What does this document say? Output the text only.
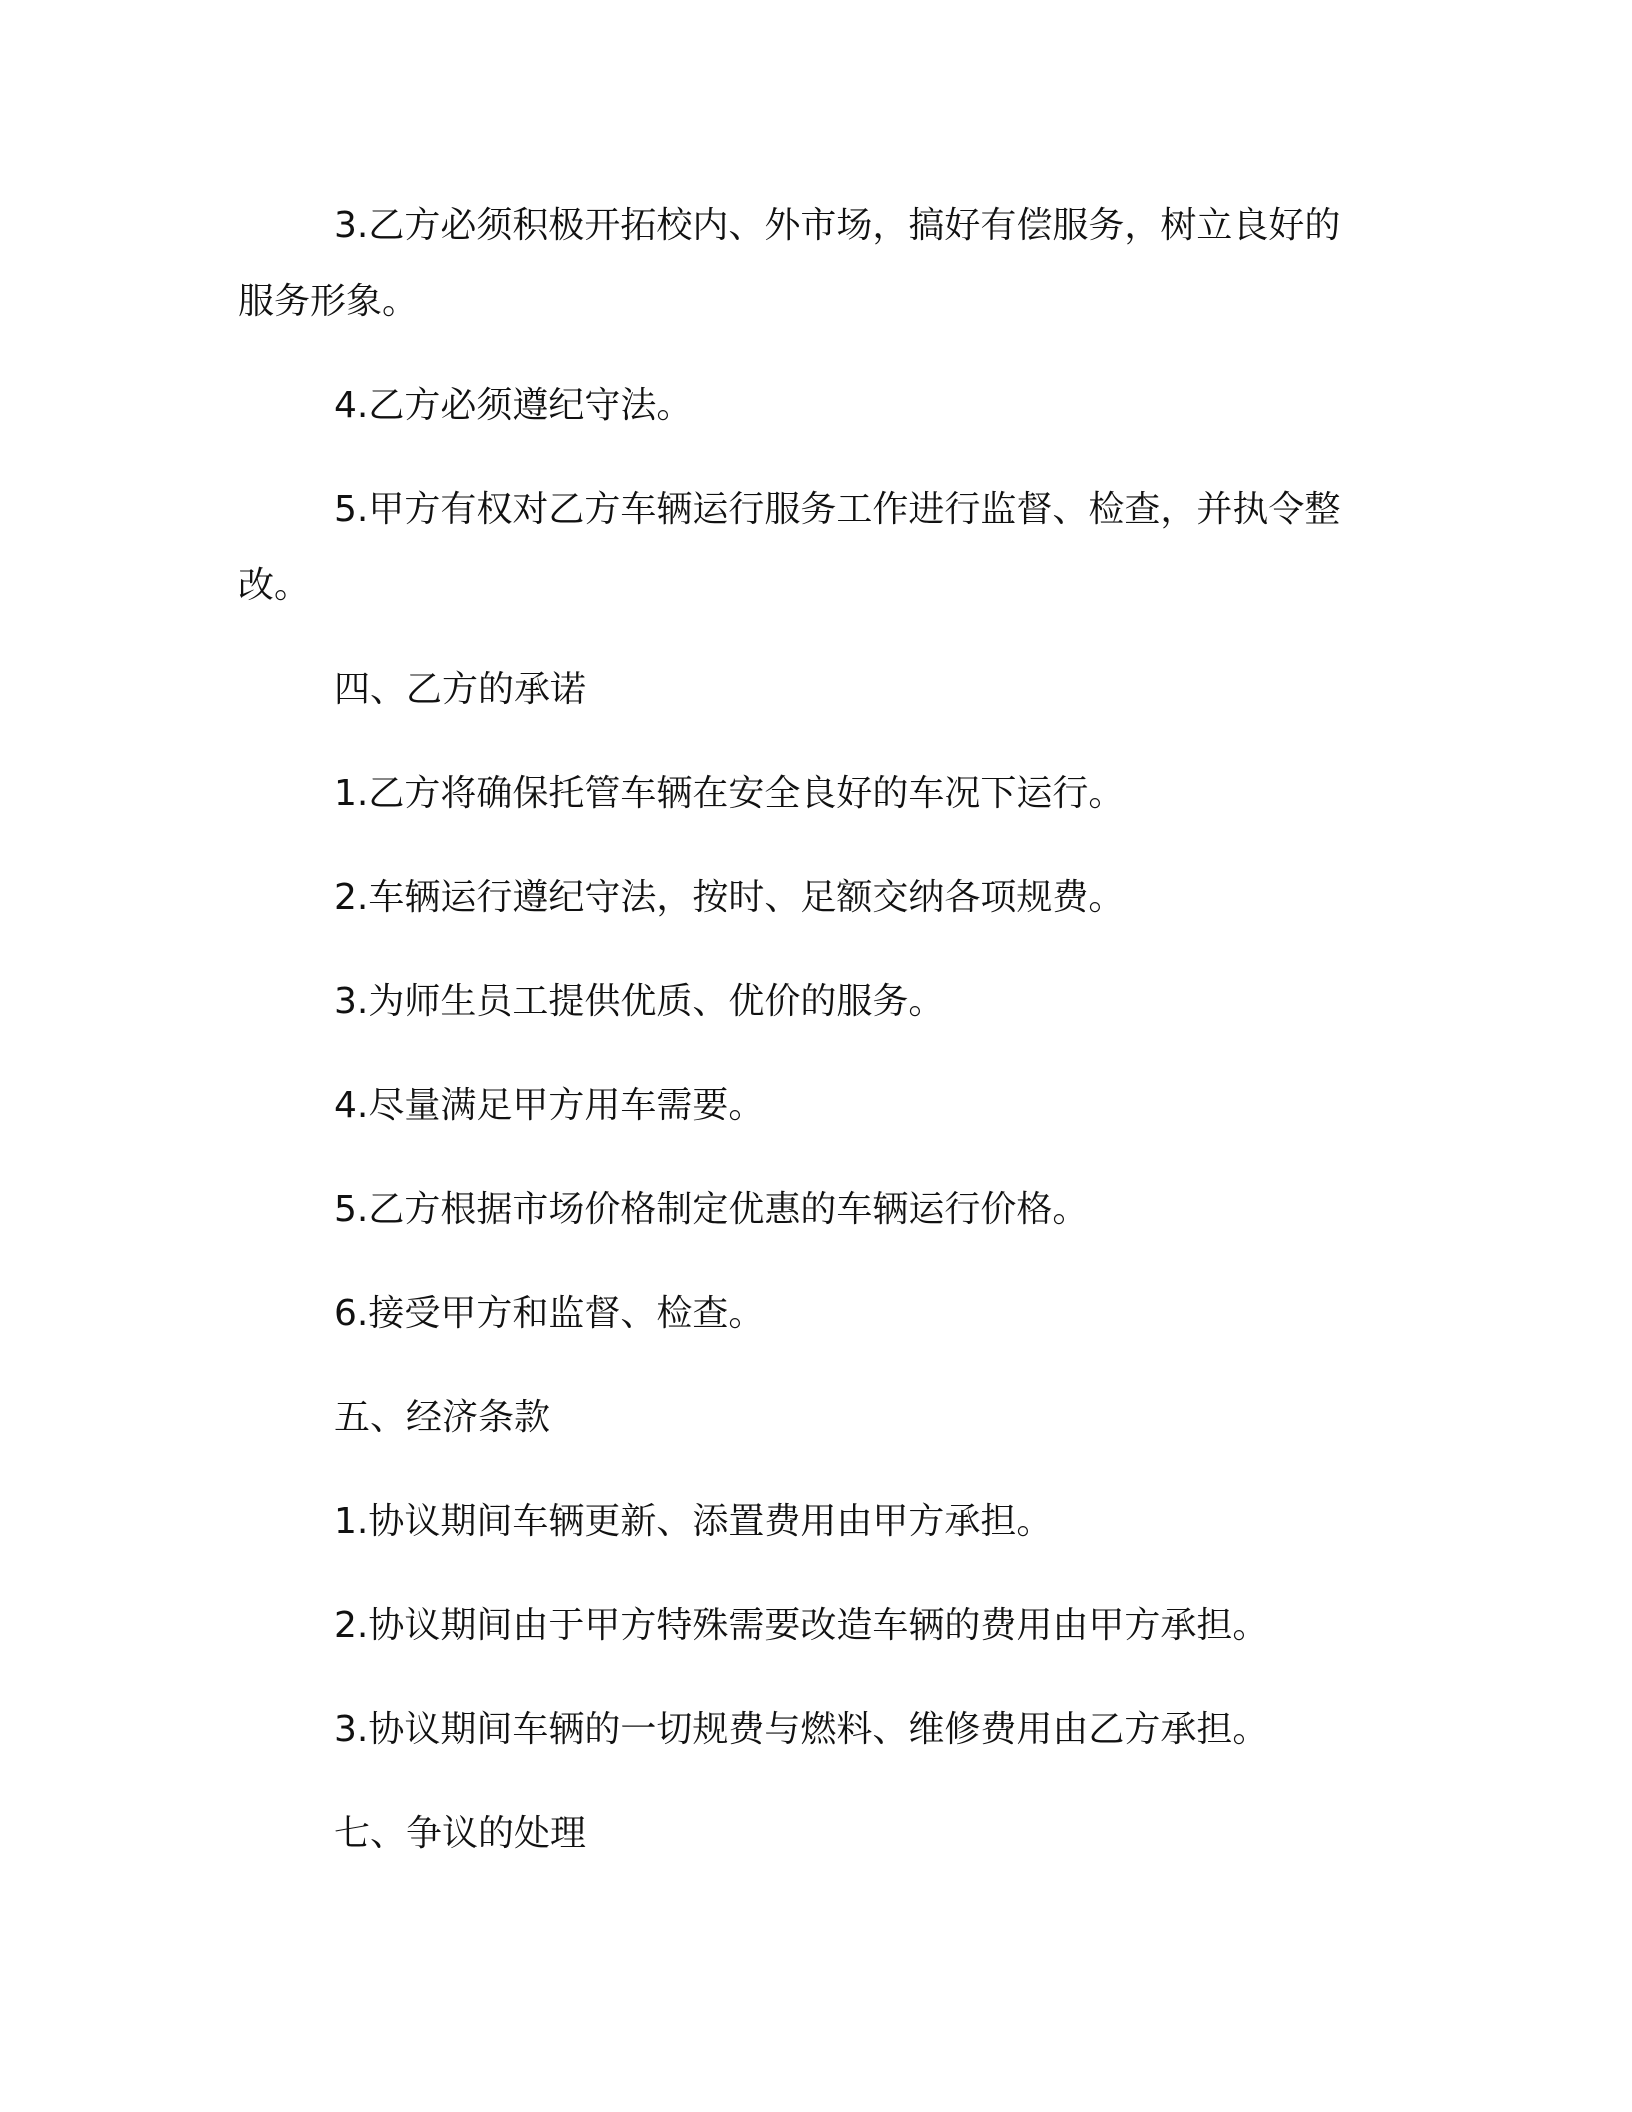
3.乙方必须积极开拓校内、外市场，搞好有偿服务，树立良好的服务形象。

4.乙方必须遵纪守法。

5.甲方有权对乙方车辆运行服务工作进行监督、检查，并执令整改。

四、乙方的承诺

1.乙方将确保托管车辆在安全良好的车况下运行。

2.车辆运行遵纪守法，按时、足额交纳各项规费。

3.为师生员工提供优质、优价的服务。

4.尽量满足甲方用车需要。

5.乙方根据市场价格制定优惠的车辆运行价格。

6.接受甲方和监督、检查。

五、经济条款

1.协议期间车辆更新、添置费用由甲方承担。

2.协议期间由于甲方特殊需要改造车辆的费用由甲方承担。

3.协议期间车辆的一切规费与燃料、维修费用由乙方承担。

七、争议的处理
